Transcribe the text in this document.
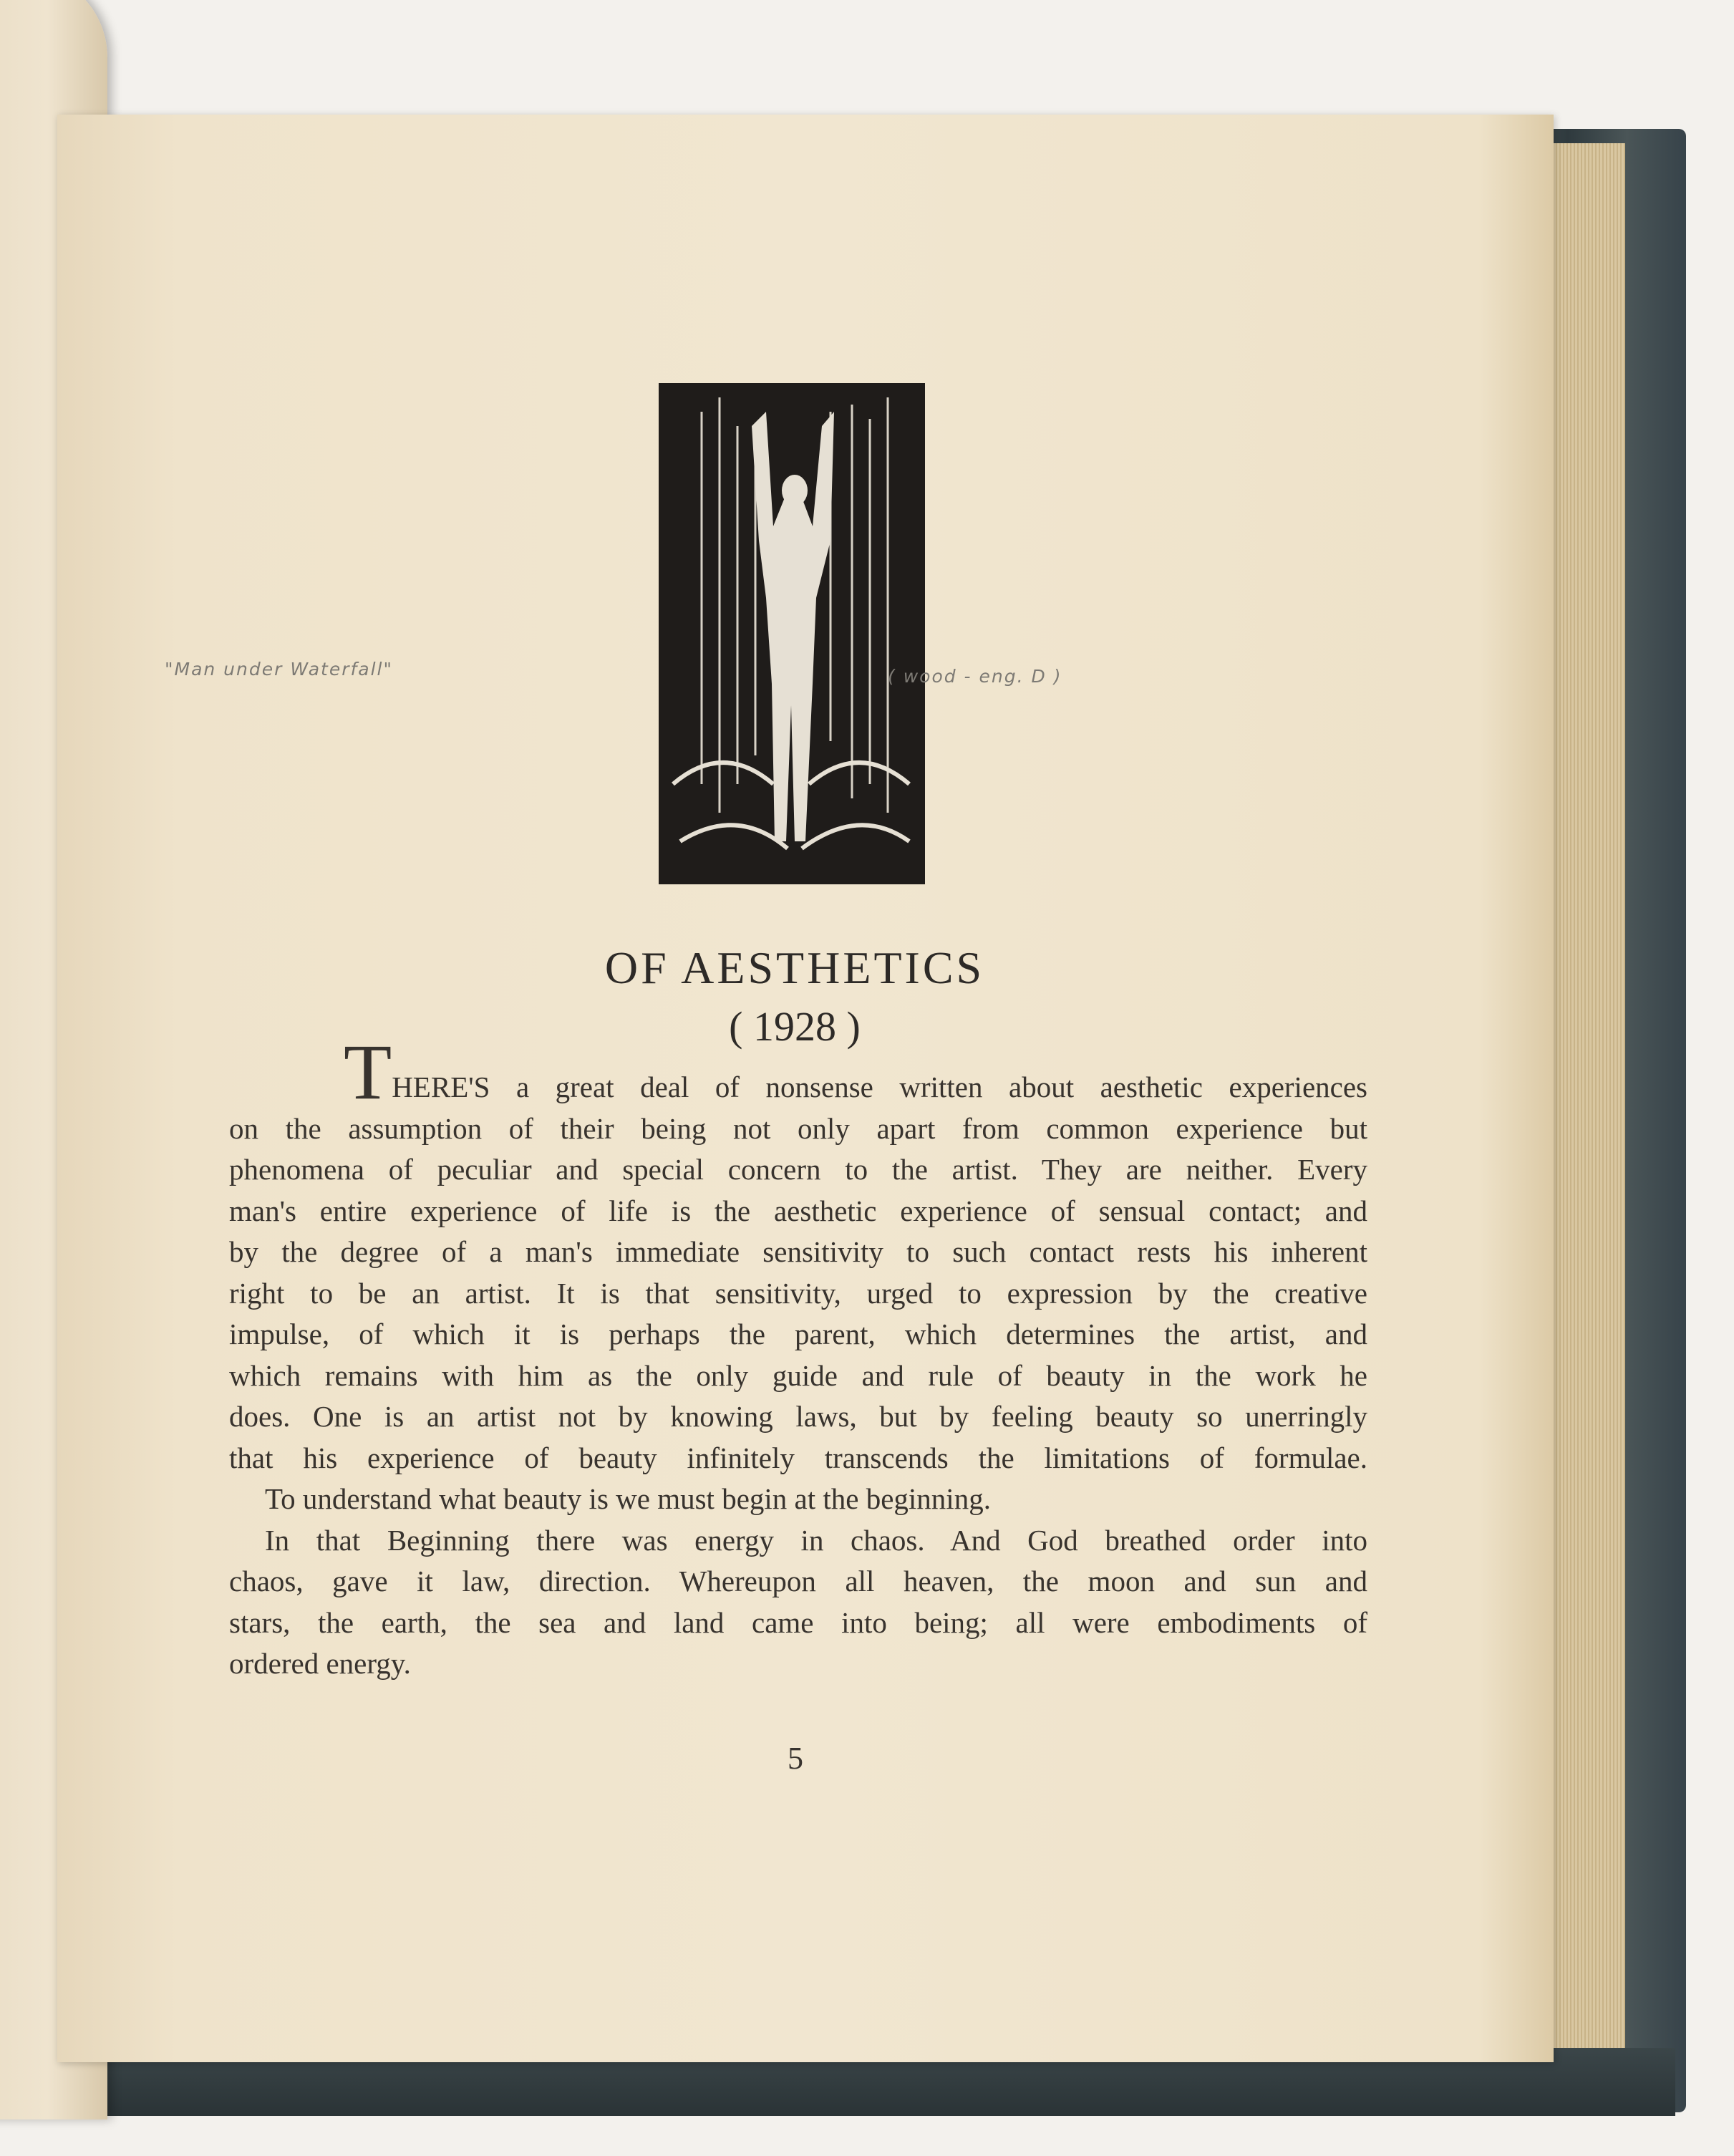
"Man under Waterfall"	( wood - eng. D )
OF AESTHETICS
( 1928 )
THERE'S a great deal of nonsense written about aesthetic experiences
on the assumption of their being not only apart from common experience but
phenomena of peculiar and special concern to the artist. They are neither. Every
man's entire experience of life is the aesthetic experience of sensual contact; and
by the degree of a man's immediate sensitivity to such contact rests his inherent
right to be an artist. It is that sensitivity, urged to expression by the creative
impulse, of which it is perhaps the parent, which determines the artist, and
which remains with him as the only guide and rule of beauty in the work he
does. One is an artist not by knowing laws, but by feeling beauty so unerringly
that his experience of beauty infinitely transcends the limitations of formulae.
To understand what beauty is we must begin at the beginning.
In that Beginning there was energy in chaos. And God breathed order into
chaos, gave it law, direction. Whereupon all heaven, the moon and sun and
stars, the earth, the sea and land came into being; all were embodiments of
ordered energy.
5
